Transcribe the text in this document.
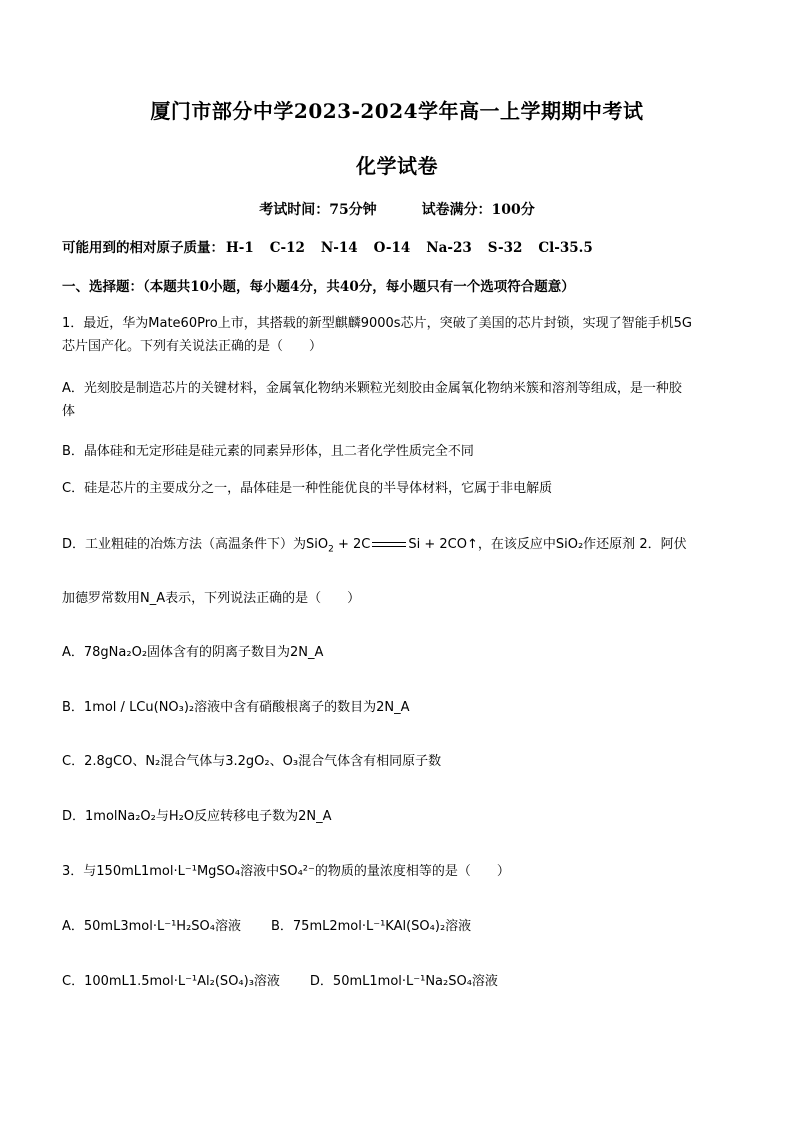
厦门市部分中学2023-2024学年高一上学期期中考试
化学试卷
考试时间：75分钟	试卷满分：100分
可能用到的相对原子质量： H-1 C-12 N-14 O-14 Na-23 S-32 Cl-35.5
一、选择题：（本题共10小题，每小题4分，共40分，每小题只有一个选项符合题意）
1．最近，华为Mate60Pro上市，其搭载的新型麒麟9000s芯片，突破了美国的芯片封锁，实现了智能手机5G
芯片国产化。下列有关说法正确的是（　　）
A．光刻胶是制造芯片的关键材料，金属氧化物纳米颗粒光刻胶由金属氧化物纳米簇和溶剂等组成，是一种胶
体
B．晶体硅和无定形硅是硅元素的同素异形体，且二者化学性质完全不同
C．硅是芯片的主要成分之一，晶体硅是一种性能优良的半导体材料，它属于非电解质
D．工业粗硅的冶炼方法（高温条件下）为SiO$_2$ + 2C	Si + 2CO↑，在该反应中SiO₂作还原剂 2．阿伏
加德罗常数用N_A表示，下列说法正确的是（　　）
A．78gNa₂O₂固体含有的阴离子数目为2N_A
B．1mol / LCu(NO₃)₂溶液中含有硝酸根离子的数目为2N_A
C．2.8gCO、N₂混合气体与3.2gO₂、O₃混合气体含有相同原子数
D．1molNa₂O₂与H₂O反应转移电子数为2N_A
3．与150mL1mol·L⁻¹MgSO₄溶液中SO₄²⁻的物质的量浓度相等的是（　　）
A．50mL3mol·L⁻¹H₂SO₄溶液 B．75mL2mol·L⁻¹KAl(SO₄)₂溶液
C．100mL1.5mol·L⁻¹Al₂(SO₄)₃溶液 D．50mL1mol·L⁻¹Na₂SO₄溶液
